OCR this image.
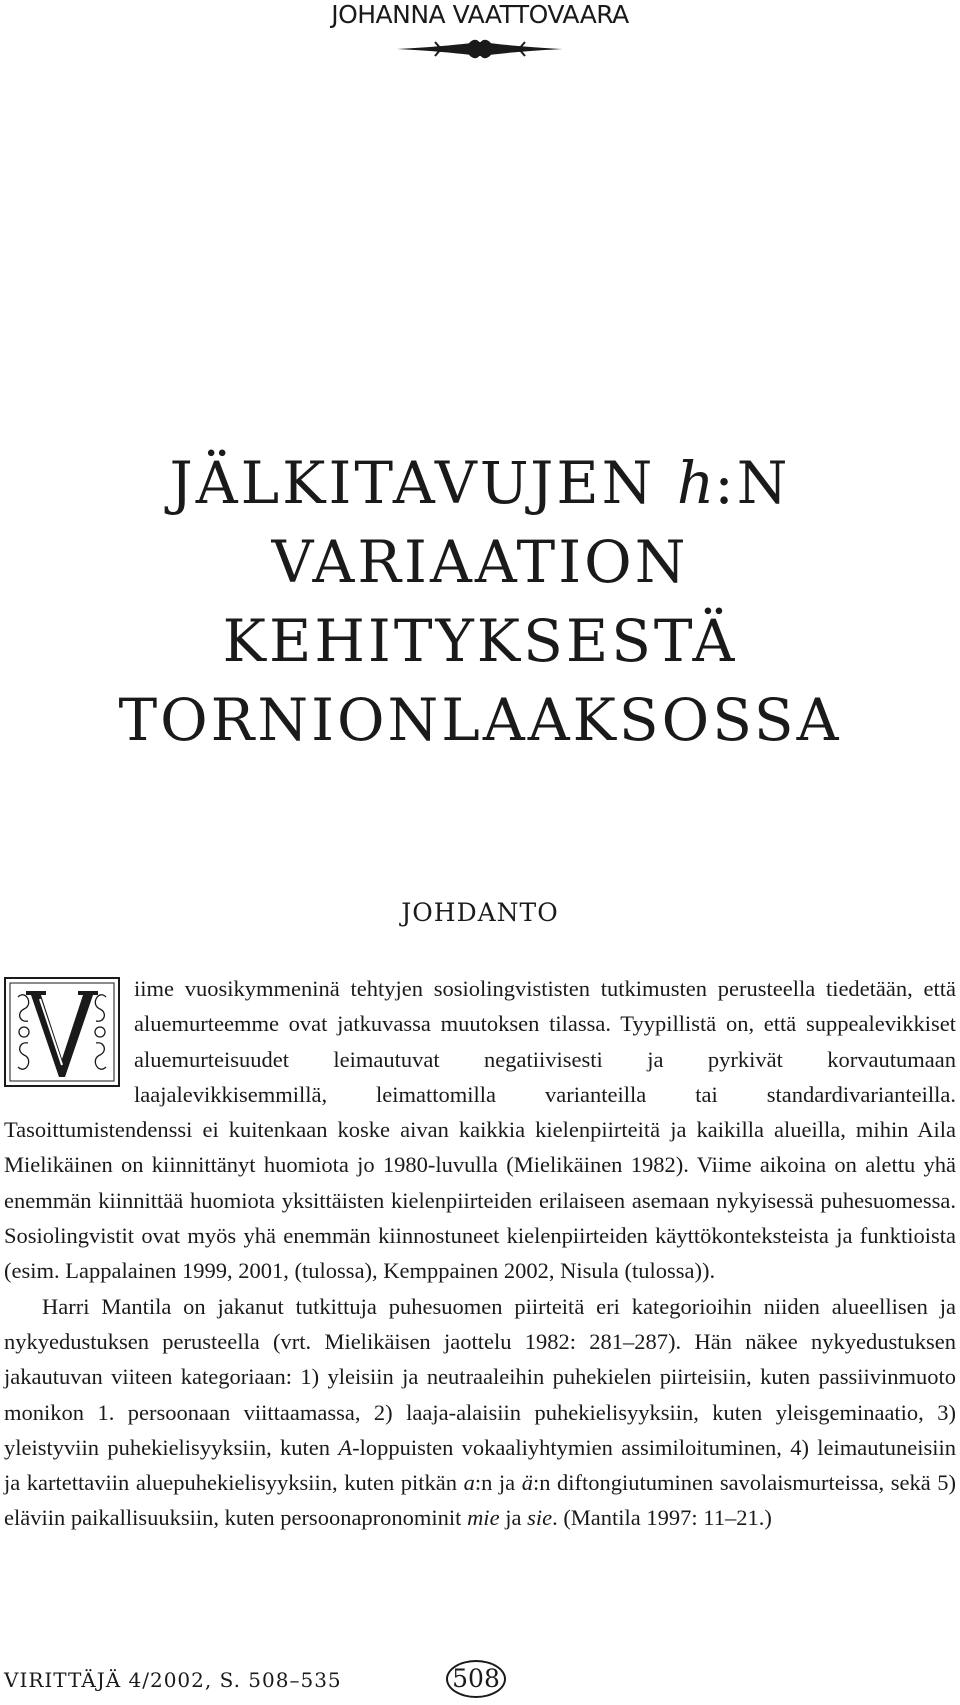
JOHANNA VAATTOVAARA
JÄLKITAVUJEN h:N
VARIAATION
KEHITYKSESTÄ
TORNIONLAAKSOSSA
JOHDANTO

iime vuosikymmeninä tehtyjen sosiolingvististen tutkimusten perusteella tiedetään, että aluemurteemme ovat jatkuvassa muutoksen tilassa. Tyypillistä on, että suppealevikkiset aluemurteisuudet leimautuvat negatiivisesti ja pyrkivät korvautumaan laajalevikkisemmillä, leimattomilla varianteilla tai standardivarianteilla. Tasoittumistendenssi ei kuitenkaan koske aivan kaikkia kielenpiirteitä ja kaikilla alueilla, mihin Aila Mielikäinen on kiinnittänyt huomiota jo 1980-luvulla (Mielikäinen 1982). Viime aikoina on alettu yhä enemmän kiinnittää huomiota yksittäisten kielenpiirteiden erilaiseen asemaan nykyisessä puhesuomessa. Sosiolingvistit ovat myös yhä enemmän kiinnostuneet kielenpiirteiden käyttökonteksteista ja funktioista (esim. Lappalainen 1999, 2001, (tulossa), Kemppainen 2002, Nisula (tulossa)).

Harri Mantila on jakanut tutkittuja puhesuomen piirteitä eri kategorioihin niiden alueellisen ja nykyedustuksen perusteella (vrt. Mielikäisen jaottelu 1982: 281–287). Hän näkee nykyedustuksen jakautuvan viiteen kategoriaan: 1) yleisiin ja neutraaleihin puhekielen piirteisiin, kuten passiivinmuoto monikon 1. persoonaan viittaamassa, 2) laaja-alaisiin puhekielisyyksiin, kuten yleisgeminaatio, 3) yleistyviin puhekielisyyksiin, kuten A-loppuisten vokaaliyhtymien assimiloituminen, 4) leimautuneisiin ja kartettaviin aluepuhekielisyyksiin, kuten pitkän a:n ja ä:n diftongiutuminen savolaismurteissa, sekä 5) eläviin paikallisuuksiin, kuten persoonapronominit mie ja sie. (Mantila 1997: 11–21.)

VIRITTÄJÄ 4/2002, S. 508–535	508
